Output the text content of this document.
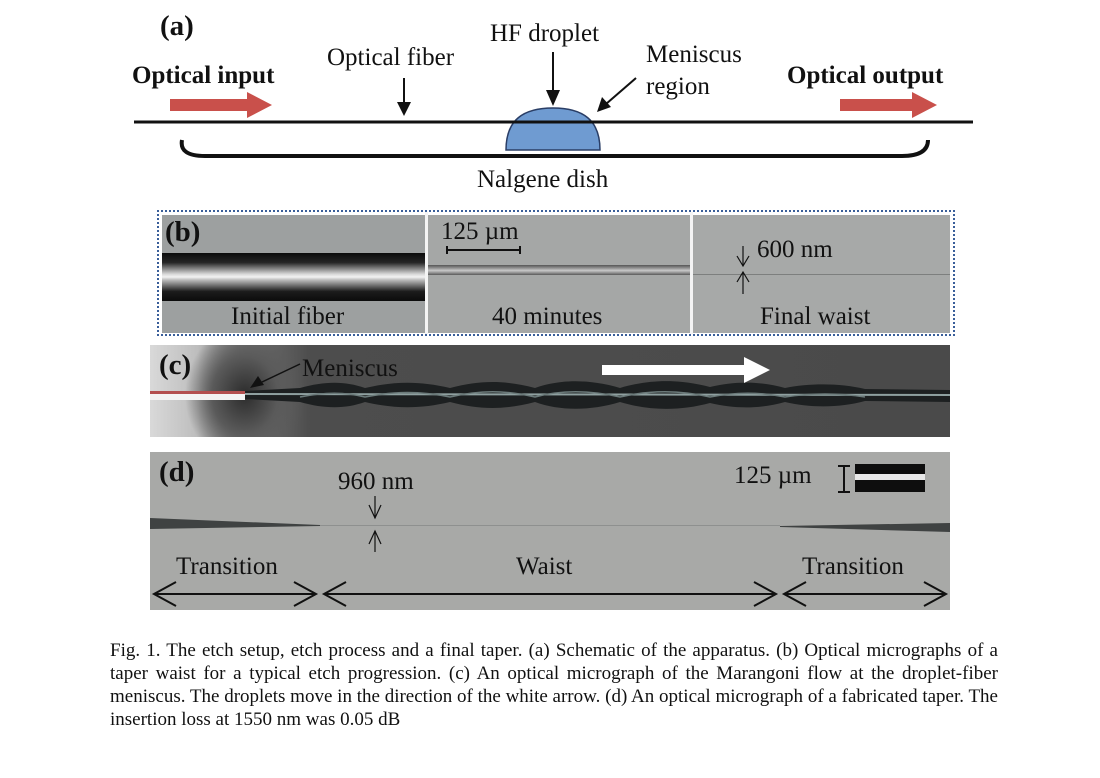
(a)
Optical input
Optical fiber
HF droplet
Meniscus
region	Optical output
Nalgene dish
(b)	125 µm
600 nm
Initial fiber	40 minutes	Final waist
(c)	Meniscus
(d)	960 nm	125 µm
Transition	Waist	Transition
Fig. 1. The etch setup, etch process and a final taper. (a) Schematic of the apparatus. (b) Optical micrographs of a taper waist for a typical etch progression. (c) An optical micrograph of the Marangoni flow at the droplet-fiber meniscus. The droplets move in the direction of the white arrow. (d) An optical micrograph of a fabricated taper. The insertion loss at 1550 nm was 0.05 dB
